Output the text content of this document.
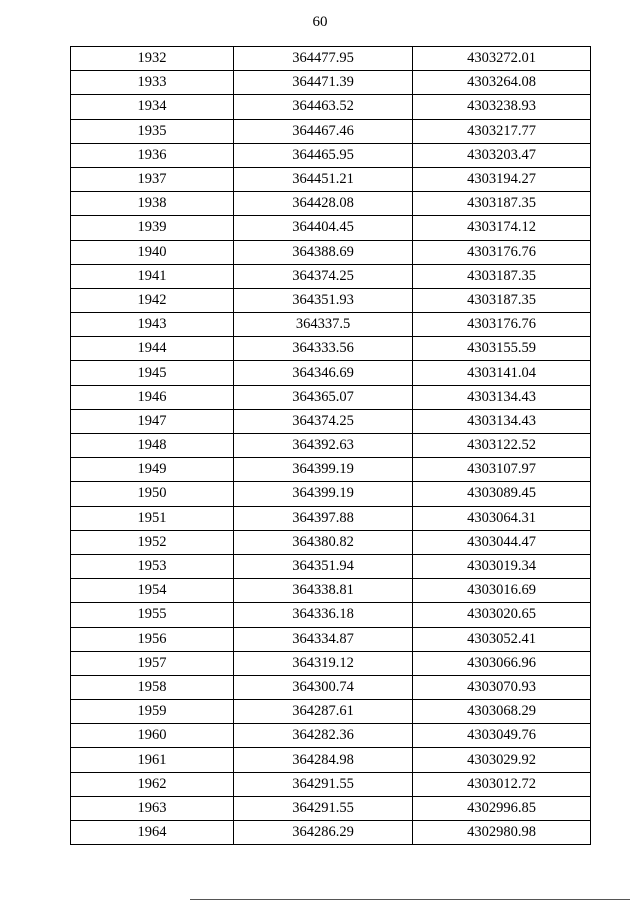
60
1932	364477.95	4303272.01
1933	364471.39	4303264.08
1934	364463.52	4303238.93
1935	364467.46	4303217.77
1936	364465.95	4303203.47
1937	364451.21	4303194.27
1938	364428.08	4303187.35
1939	364404.45	4303174.12
1940	364388.69	4303176.76
1941	364374.25	4303187.35
1942	364351.93	4303187.35
1943	364337.5	4303176.76
1944	364333.56	4303155.59
1945	364346.69	4303141.04
1946	364365.07	4303134.43
1947	364374.25	4303134.43
1948	364392.63	4303122.52
1949	364399.19	4303107.97
1950	364399.19	4303089.45
1951	364397.88	4303064.31
1952	364380.82	4303044.47
1953	364351.94	4303019.34
1954	364338.81	4303016.69
1955	364336.18	4303020.65
1956	364334.87	4303052.41
1957	364319.12	4303066.96
1958	364300.74	4303070.93
1959	364287.61	4303068.29
1960	364282.36	4303049.76
1961	364284.98	4303029.92
1962	364291.55	4303012.72
1963	364291.55	4302996.85
1964	364286.29	4302980.98
